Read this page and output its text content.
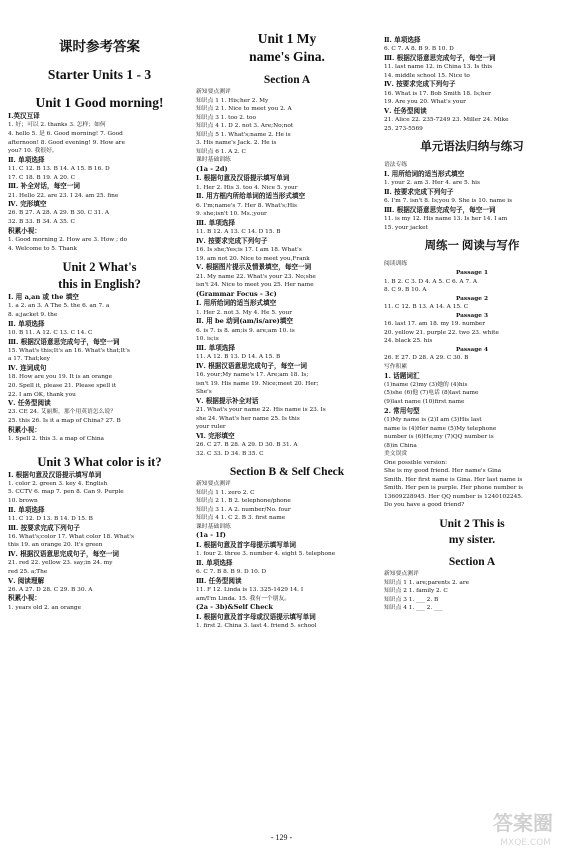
课时参考答案
Starter Units 1 - 3
Unit 1 Good morning!
Ⅰ.英汉互译
1. 好；可以 2. thanks 3. 怎样；如何
4. hello 5. 是 6. Good morning! 7. Good
afternoon! 8. Good evening! 9. How are
you? 10. 我很好。
Ⅱ. 单项选择
11. C 12. B 13. B 14. A 15. B 16. D
17. C 18. B 19. A 20. C
Ⅲ. 补全对话，每空一词
21. Hello 22. are 23. I 24. am 25. fine
Ⅳ. 完形填空
26. B 27. A 28. A 29. B 30. C 31. A
32. B 33. B 34. A 35. C
积累小视：
1. Good morning 2. How are 3. How ; do
4. Welcome to 5. Thank
Unit 2 What's
this in English?
Ⅰ. 用 a,an 或 the 填空
1. a 2. an 3. A The 5. the 6. an 7. a
8. a;jacket 9. the
Ⅱ. 单项选择
10. B 11. A 12. C 13. C 14. C
Ⅲ. 根据汉语意思完成句子，每空一词
15. What's this;It's an 16. What's that;It's
a 17. That;key
Ⅳ. 连词成句
18. How are you 19. It is an orange
20. Spell it, please 21. Please spell it
22. I am OK, thank you
Ⅴ. 任务型阅读
23. CE 24. 艾丽斯，那个用英语怎么说？
25. this 26. Is it a map of China? 27. B
积累小视：
1. Spell 2. this 3. a map of China
Unit 3 What color is it?
Ⅰ. 根据句意及汉语提示填写单词
1. color 2. green 3. key 4. English
5. CCTV 6. map 7. pen 8. Can 9. Purple
10. brown
Ⅱ. 单项选择
11. C 12. D 13. B 14. D 15. B
Ⅲ. 按要求完成下列句子
16. What's;color 17. What color 18. What's
this 19. an orange 20. It's green
Ⅳ. 根据汉语意思完成句子，每空一词
21. red 22. yellow 23. say;in 24. my
red 25. a;The
Ⅴ. 阅读理解
26. A 27. D 28. C 29. B 30. A
积累小视：
1. years old 2. an orange
Unit 1 My
name's Gina.
Section A
新知要点测评
知识点 1 1. His;her 2. My
知识点 2 1. Nice to meet you 2. A
知识点 3 1. too 2. too
知识点 4 1. D 2. not 3. Are;No;not
知识点 5 1. What's;name 2. He is
3. His name's Jack. 2. He is
知识点 6 1. A 2. C
课时基础训练
(1a - 2d)
Ⅰ. 根据句意及汉语提示填写单词
1. Her 2. His 3. too 4. Nice 5. your
Ⅱ. 用方框内所给单词的适当形式填空
6. I'm;name's 7. Her 8. What's;His
9. she;isn't 10. Ms.;your
Ⅲ. 单项选择
11. B 12. A 13. C 14. D 15. B
Ⅳ. 按要求完成下列句子
16. Is she;Yes;is 17. I am 18. What's
19. am not 20. Nice to meet you,Frank
Ⅴ. 根据图片提示及情景填空，每空一词
21. My name 22. What's your 23. No;she
isn't 24. Nice to meet you 25. Her name
(Grammar Focus - 3c)
Ⅰ. 用所给词的适当形式填空
1. Her 2. not 3. My 4. He 5. your
Ⅱ. 用 be 动词(am/is/are)填空
6. is 7. is 8. am;is 9. are;am 10. is
10. is;is
Ⅲ. 单项选择
11. A 12. B 13. D 14. A 15. B
Ⅳ. 根据汉语意思完成句子，每空一词
16. your;My name's 17. Are;am 18. Is;
isn't 19. His name 19. Nice;meet 20. Her;
She's
Ⅴ. 根据提示补全对话
21. What's your name 22. His name is 23. Is
she 24. What's her name 25. Is this
your ruler
Ⅵ. 完形填空
26. C 27. B 28. A 29. D 30. B 31. A
32. C 33. D 34. B 35. C
Section B & Self Check
新知要点测评
知识点 1 1. zero 2. C
知识点 2 1. B 2. telephone/phone
知识点 3 1. A 2. number/No. four
知识点 4 1. C 2. B 3. first name
课时基础训练
(1a - 1f)
Ⅰ. 根据句意及首字母提示填写单词
1. four 2. three 3. number 4. eight 5. telephone
Ⅱ. 单项选择
6. C 7. B 8. B 9. D 10. D
Ⅲ. 任务型阅读
11. F 12. Linda is 13. 325-1429 14. I
am/I'm Linda. 15. 我有一个朋友。
(2a - 3b)&Self Check
Ⅰ. 根据句意及首字母或汉语提示填写单词
1. first 2. China 3. last 4. friend 5. school
Ⅱ. 单项选择
6. C 7. A 8. B 9. B 10. D
Ⅲ. 根据汉语意思完成句子，每空一词
11. last name 12. in China 13. Is this
14. middle school 15. Nice to
Ⅳ. 按要求完成下列句子
16. What is 17. Bob Smith 18. Is;her
19. Are you 20. What's your
Ⅴ. 任务型阅读
21. Alice 22. 235-7249 23. Miller 24. Mike
25. 273-5569
单元语法归纳与练习
语法专练
Ⅰ. 用所给词的适当形式填空
1. your 2. am 3. Her 4. are 5. his
Ⅱ. 按要求完成下列句子
6. I'm 7. isn't 8. Is;you 9. She is 10. name is
Ⅲ. 根据汉语意思完成句子，每空一词
11. is my 12. His name 13. Is her 14. I am
15. your jacket
周练一 阅读与写作
阅读训练
Passage 1
1. B 2. C 3. D 4. A 5. C 6. A 7. A
8. C 9. B 10. A
Passage 2
11. C 12. B 13. A 14. A 15. C
Passage 3
16. last 17. am 18. my 19. number
20. yellow 21. purple 22. two 23. white
24. black 25. his
Passage 4
26. E 27. D 28. A 29. C 30. B
写作积累
1. 话题词汇
(1)name (2)my (3)她的 (4)his
(5)she (6)他 (7)电话 (8)last name
(9)last name (10)first name
2. 常用句型
(1)My name is (2)I am (3)His last
name is (4)Her name (5)My telephone
number is (6)He;my (7)QQ number is
(8)in China
美文误赏
One possible version:
She is my good friend. Her name's Gina
Smith. Her first name is Gina. Her last name is
Smith. Her pen is purple. Her phone number is
13609228945. Her QQ number is 1240102245.
Do you have a good friend?
Unit 2 This is
my sister.
Section A
新知要点测评
知识点 1 1. are;parents 2. are
知识点 2 1. family 2. C
知识点 3 1. ___ 2. B
知识点 4 1. ___ 2. ___
- 129 -
答案圈
MXQE.COM
